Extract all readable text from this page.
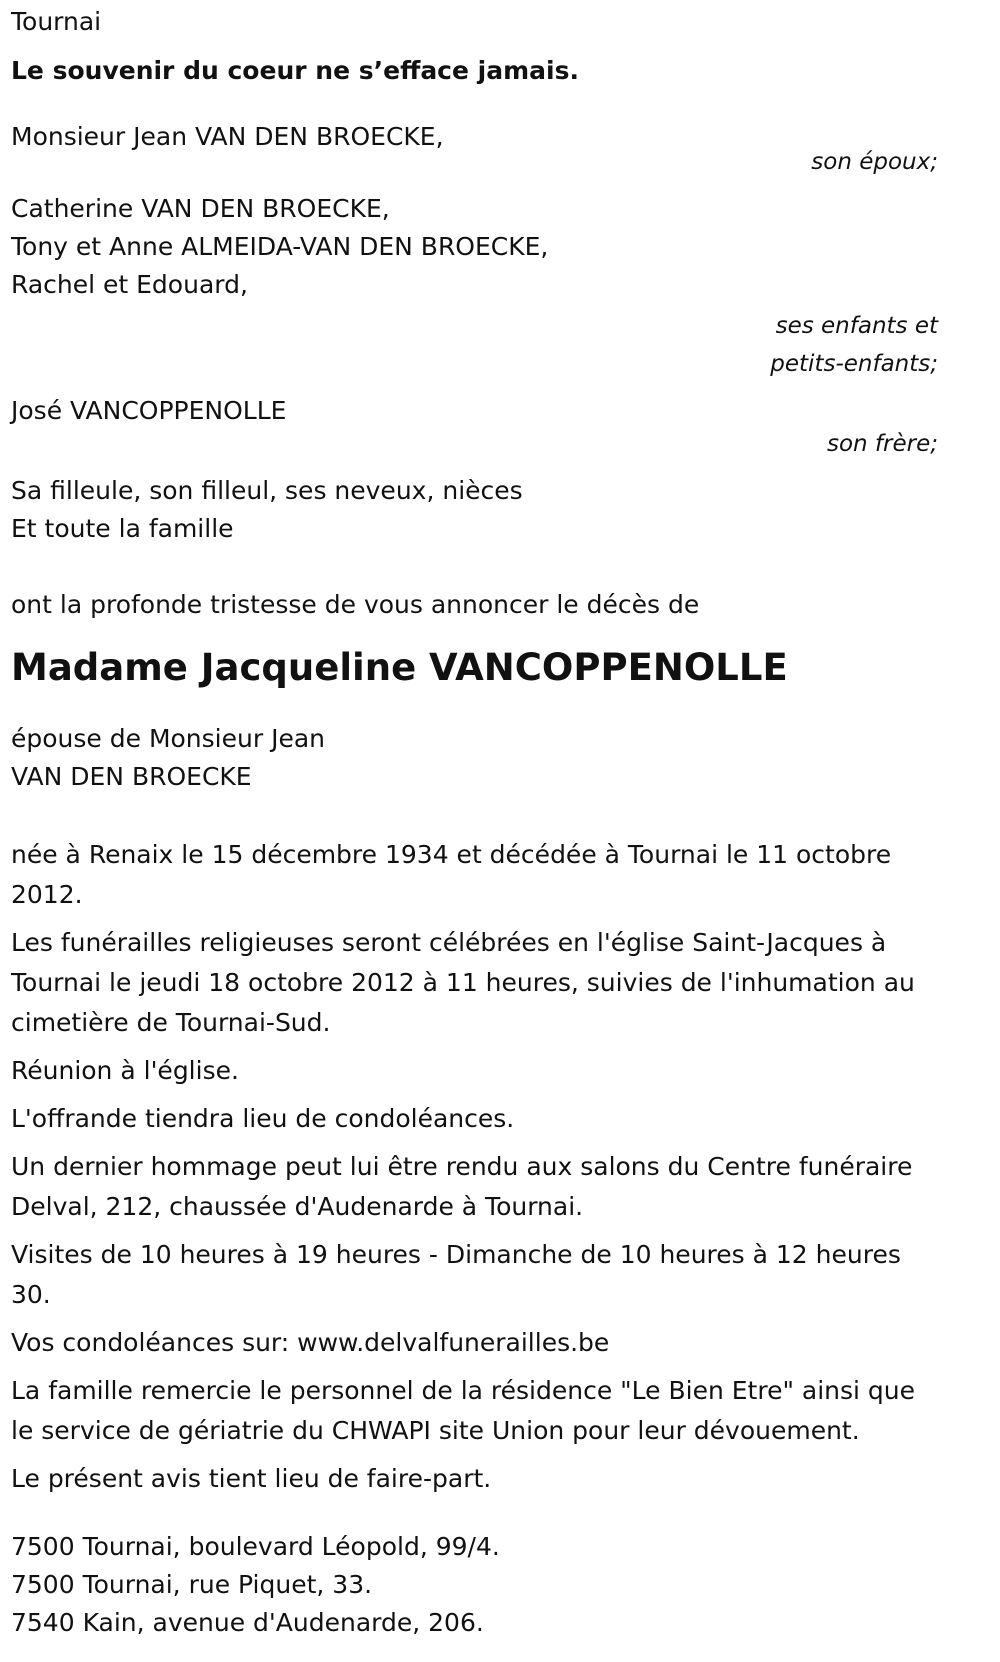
Tournai
Le souvenir du coeur ne s’efface jamais.
Monsieur Jean VAN DEN BROECKE,
son époux;
Catherine VAN DEN BROECKE,
Tony et Anne ALMEIDA-VAN DEN BROECKE,
Rachel et Edouard,
ses enfants et
petits-enfants;
José VANCOPPENOLLE
son frère;
Sa filleule, son filleul, ses neveux, nièces
Et toute la famille
ont la profonde tristesse de vous annoncer le décès de
Madame Jacqueline VANCOPPENOLLE
épouse de Monsieur Jean
VAN DEN BROECKE

née à Renaix le 15 décembre 1934 et décédée à Tournai le 11 octobre 2012.

Les funérailles religieuses seront célébrées en l'église Saint-Jacques à Tournai le jeudi 18 octobre 2012 à 11 heures, suivies de l'inhumation au cimetière de Tournai-Sud.

Réunion à l'église.

L'offrande tiendra lieu de condoléances.

Un dernier hommage peut lui être rendu aux salons du Centre funéraire Delval, 212, chaussée d'Audenarde à Tournai.

Visites de 10 heures à 19 heures - Dimanche de 10 heures à 12 heures 30.

Vos condoléances sur: www.delvalfunerailles.be

La famille remercie le personnel de la résidence "Le Bien Etre" ainsi que le service de gériatrie du CHWAPI site Union pour leur dévouement.

Le présent avis tient lieu de faire-part.

7500 Tournai, boulevard Léopold, 99/4.
7500 Tournai, rue Piquet, 33.
7540 Kain, avenue d'Audenarde, 206.
